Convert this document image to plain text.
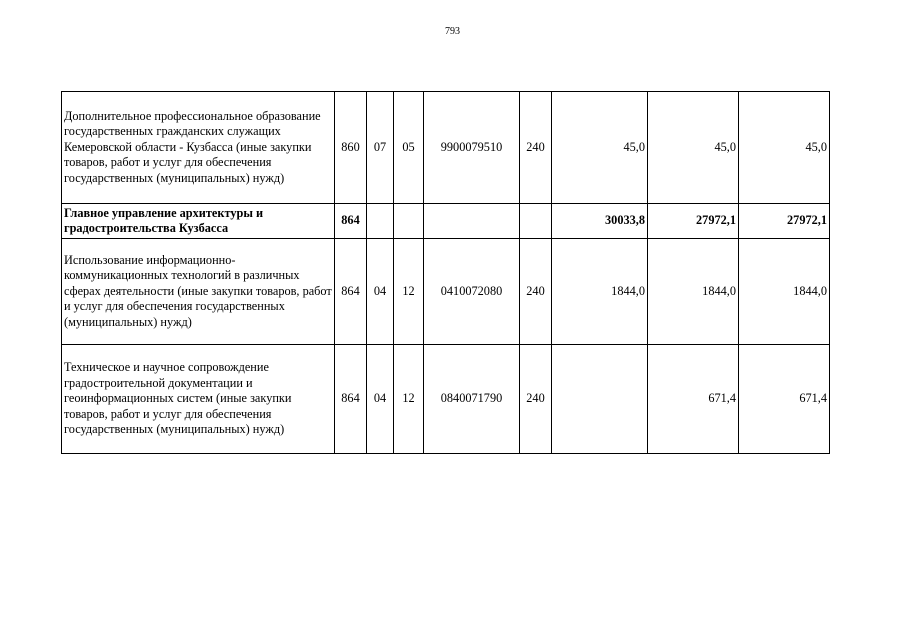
793
Дополнительное профессиональное образование государственных гражданских служащих Кемеровской области - Кузбасса (иные закупки товаров, работ и услуг для обеспечения государственных (муниципальных) нужд)	860	07	05	9900079510	240	45,0	45,0	45,0
Главное управление архитектуры и градостроительства Кузбасса	864					30033,8	27972,1	27972,1
Использование информационно-коммуникационных технологий в различных сферах деятельности (иные закупки товаров, работ и услуг для обеспечения государственных (муниципальных) нужд)	864	04	12	0410072080	240	1844,0	1844,0	1844,0
Техническое и научное сопровождение градостроительной документации и геоинформационных систем (иные закупки товаров, работ и услуг для обеспечения государственных (муниципальных) нужд)	864	04	12	0840071790	240		671,4	671,4
